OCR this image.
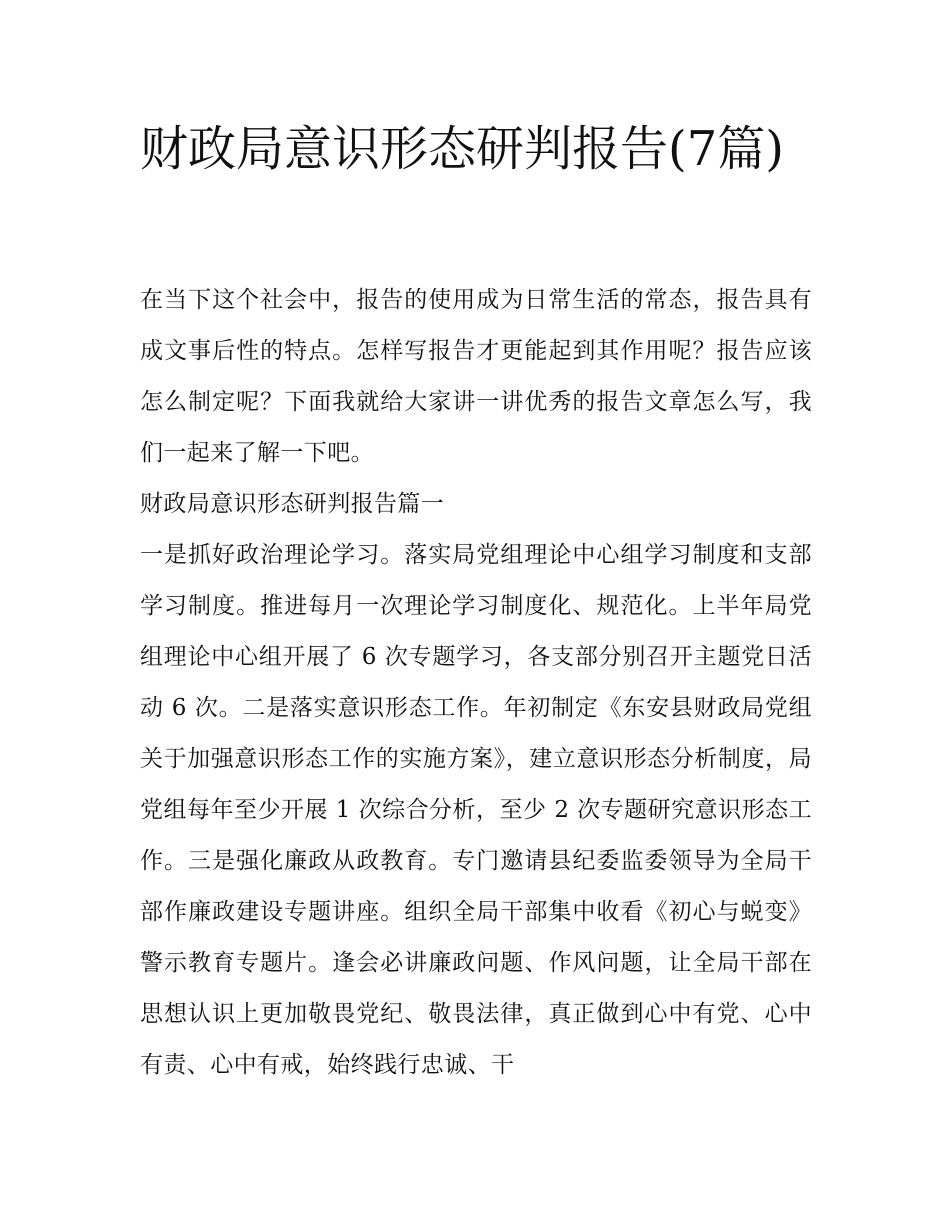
财政局意识形态研判报告(7篇)

在当下这个社会中，报告的使用成为日常生活的常态，报告具有成文事后性的特点。怎样写报告才更能起到其作用呢？报告应该怎么制定呢？下面我就给大家讲一讲优秀的报告文章怎么写，我们一起来了解一下吧。

财政局意识形态研判报告篇一

一是抓好政治理论学习。落实局党组理论中心组学习制度和支部学习制度。推进每月一次理论学习制度化、规范化。上半年局党组理论中心组开展了 6 次专题学习，各支部分别召开主题党日活动 6 次。二是落实意识形态工作。年初制定《东安县财政局党组关于加强意识形态工作的实施方案》，建立意识形态分析制度，局党组每年至少开展 1 次综合分析，至少 2 次专题研究意识形态工作。三是强化廉政从政教育。专门邀请县纪委监委领导为全局干部作廉政建设专题讲座。组织全局干部集中收看《初心与蜕变》警示教育专题片。逢会必讲廉政问题、作风问题，让全局干部在思想认识上更加敬畏党纪、敬畏法律，真正做到心中有党、心中有责、心中有戒，始终践行忠诚、干
